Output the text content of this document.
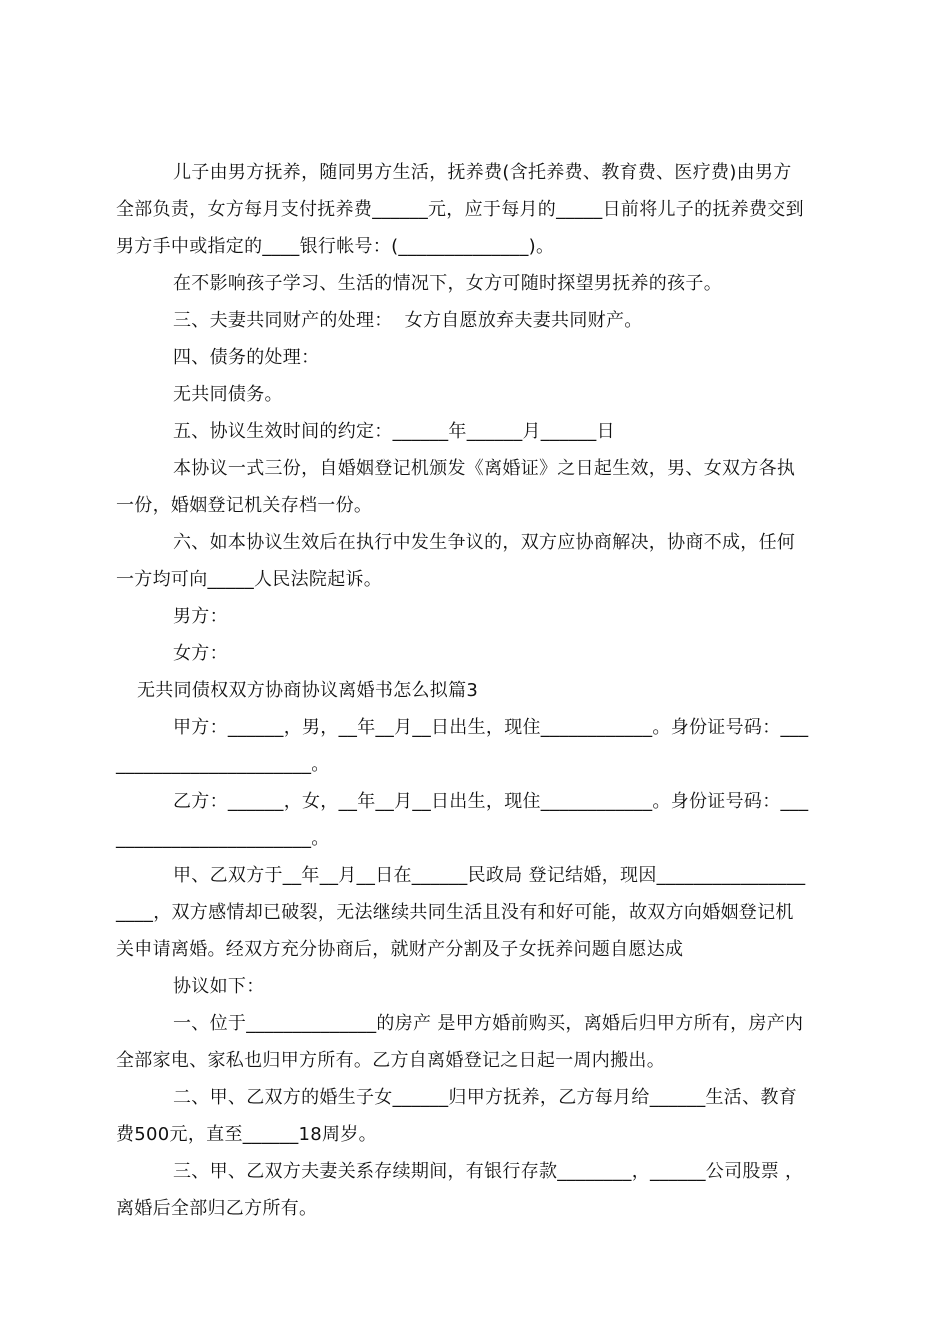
儿子由男方抚养，随同男方生活，抚养费(含托养费、教育费、医疗费)由男方
全部负责，女方每月支付抚养费______元，应于每月的_____日前将儿子的抚养费交到
男方手中或指定的____银行帐号：(______________)。
在不影响孩子学习、生活的情况下，女方可随时探望男抚养的孩子。
三、夫妻共同财产的处理：  女方自愿放弃夫妻共同财产。
四、债务的处理：
无共同债务。
五、协议生效时间的约定：______年______月______日
本协议一式三份，自婚姻登记机颁发《离婚证》之日起生效，男、女双方各执
一份，婚姻登记机关存档一份。
六、如本协议生效后在执行中发生争议的，双方应协商解决，协商不成，任何
一方均可向_____人民法院起诉。
男方：
女方：
无共同债权双方协商协议离婚书怎么拟篇3
甲方：______，男，__年__月__日出生，现住____________。身份证号码：___
_____________________。
乙方：______，女，__年__月__日出生，现住____________。身份证号码：___
_____________________。
甲、乙双方于__年__月__日在______民政局 登记结婚，现因________________
____，双方感情却已破裂，无法继续共同生活且没有和好可能，故双方向婚姻登记机
关申请离婚。经双方充分协商后，就财产分割及子女抚养问题自愿达成
协议如下：
一、位于______________的房产 是甲方婚前购买，离婚后归甲方所有，房产内
全部家电、家私也归甲方所有。乙方自离婚登记之日起一周内搬出。
二、甲、乙双方的婚生子女______归甲方抚养，乙方每月给______生活、教育
费500元，直至______18周岁。
三、甲、乙双方夫妻关系存续期间，有银行存款________，______公司股票 ，
离婚后全部归乙方所有。
